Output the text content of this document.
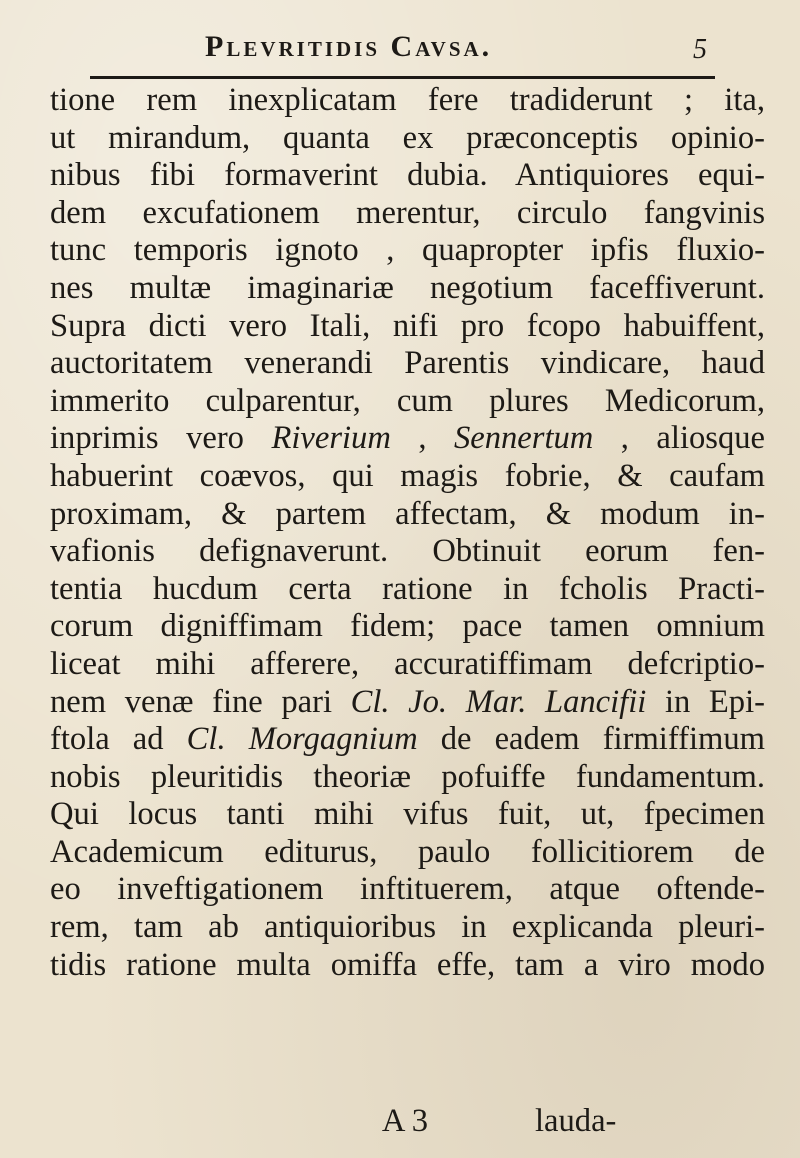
Plevritidis Cavsa.	5
tione rem inexplicatam fere tradiderunt ; ita,
ut mirandum, quanta ex præconceptis opinio-
nibus fibi formaverint dubia. Antiquiores equi-
dem excufationem merentur, circulo fangvinis
tunc temporis ignoto , quapropter ipfis fluxio-
nes multæ imaginariæ negotium faceffiverunt.
Supra dicti vero Itali, nifi pro fcopo habuiffent,
auctoritatem venerandi Parentis vindicare, haud
immerito culparentur, cum plures Medicorum,
inprimis vero Riverium , Sennertum , aliosque
habuerint coævos, qui magis fobrie, & caufam
proximam, & partem affectam, & modum in-
vafionis defignaverunt. Obtinuit eorum fen-
tentia hucdum certa ratione in fcholis Practi-
corum digniffimam fidem; pace tamen omnium
liceat mihi afferere, accuratiffimam defcriptio-
nem venæ fine pari Cl. Jo. Mar. Lancifii in Epi-
ftola ad Cl. Morgagnium de eadem firmiffimum
nobis pleuritidis theoriæ pofuiffe fundamentum.
Qui locus tanti mihi vifus fuit, ut, fpecimen
Academicum editurus, paulo follicitiorem de
eo inveftigationem inftituerem, atque oftende-
rem, tam ab antiquioribus in explicanda pleuri-
tidis ratione multa omiffa effe, tam a viro modo
A 3	lauda-
